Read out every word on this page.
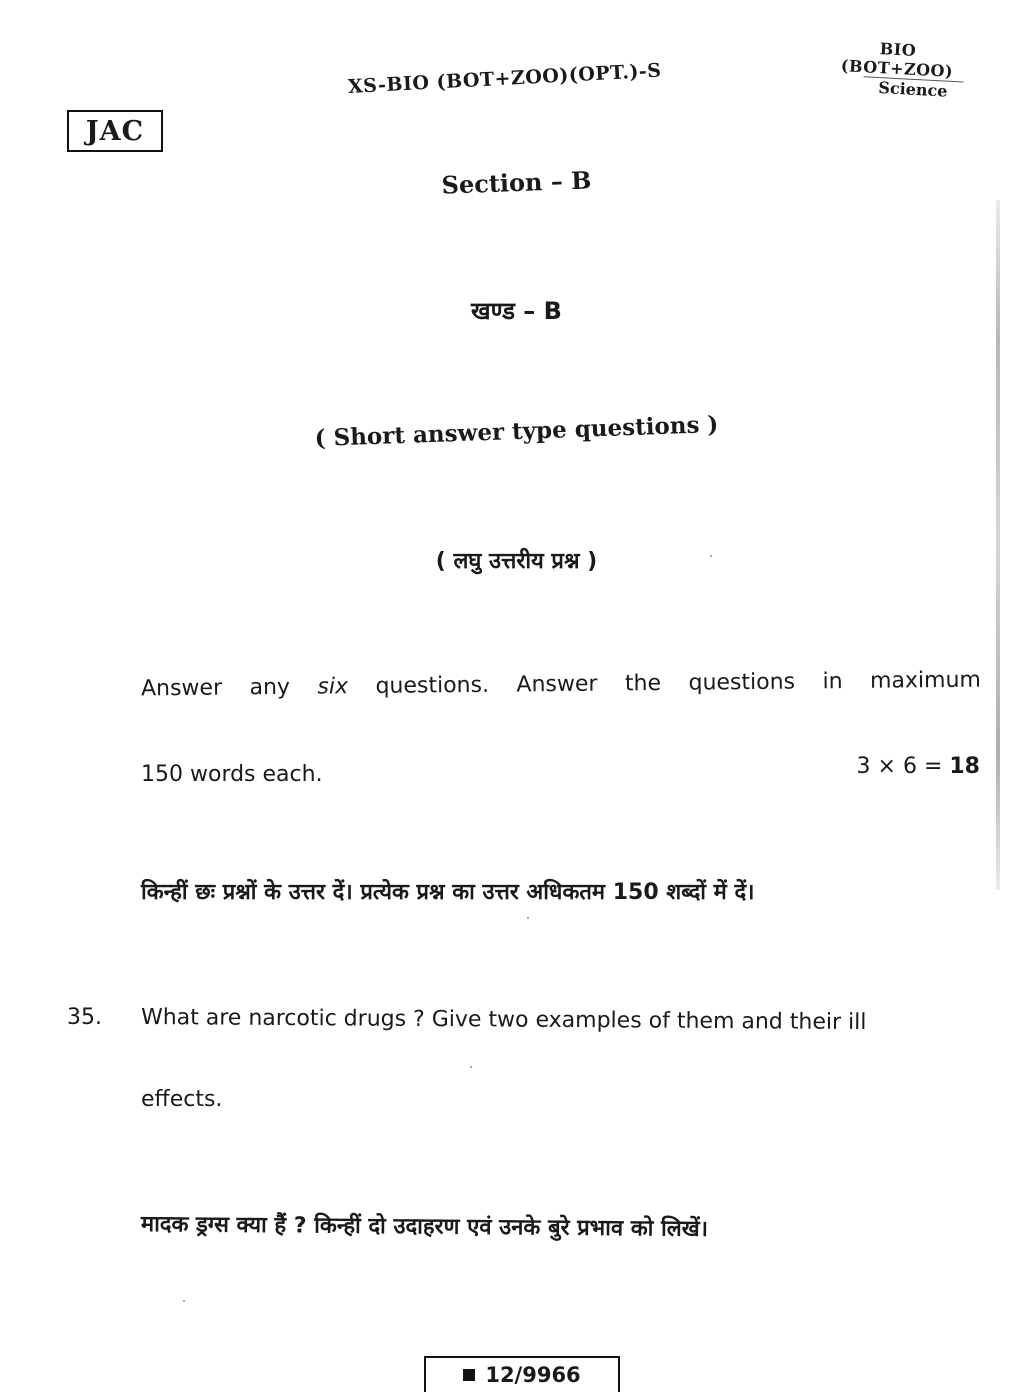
BIO (BOT+ZOO)
Science
JAC
XS-BIO (BOT+ZOO)(OPT.)-S
Section – B
खण्ड – B
( Short answer type questions )
( लघु उत्तरीय प्रश्न )
Answer any six questions. Answer the questions in maximum
150 words each.	3 × 6 = 18
किन्हीं छः प्रश्नों के उत्तर दें। प्रत्येक प्रश्न का उत्तर अधिकतम 150 शब्दों में दें।
35. What are narcotic drugs ? Give two examples of them and their ill
effects.
मादक ड्रग्स क्या हैं ? किन्हीं दो उदाहरण एवं उनके बुरे प्रभाव को लिखें।
12/9966
